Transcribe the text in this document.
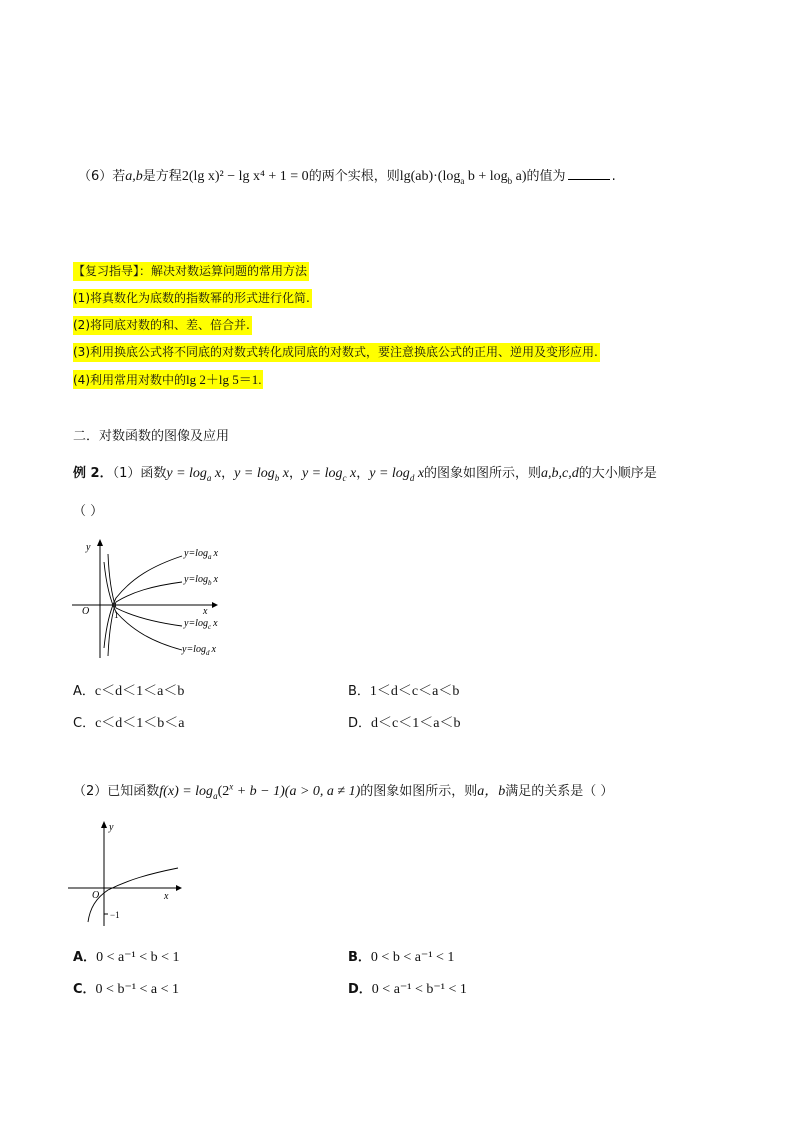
（6）若a,b是方程2(lg x)² − lg x⁴ + 1 = 0的两个实根，则$\lg(ab)\cdot(\log_a$ $b + \log_b a$)的值为	.
【复习指导】：解决对数运算问题的常用方法
(1)将真数化为底数的指数幂的形式进行化简.
(2)将同底对数的和、差、倍合并.
(3)利用换底公式将不同底的对数式转化成同底的对数式，要注意换底公式的正用、逆用及变形应用.
(4)利用常用对数中的lg 2＋lg 5＝1.
二．对数函数的图像及应用
例 2．（1）函数$y = \log_a x$，$y = \log_b x$，$y = \log_c x$，$y = \log_d x$的图象如图所示，则a,b,c,d的大小顺序是
（ ）
y
x
O	1
$y=\log_a$ x
$y=\log_b$ x
$y=\log_c$ x
$y=\log_d$ x
A．c＜d＜1＜a＜b	B．1＜d＜c＜a＜b
C．c＜d＜1＜b＜a	D．d＜c＜1＜a＜b
（2）已知函数$f(x) = \log_a(2^x + b - 1)(a > 0$, a ≠ 1)的图象如图所示，则a，b满足的关系是（ ）
y
x
O
−1
A．0 < a⁻¹ < b < 1	B．0 < b < a⁻¹ < 1
C．0 < b⁻¹ < a < 1	D．0 < a⁻¹ < b⁻¹ < 1
